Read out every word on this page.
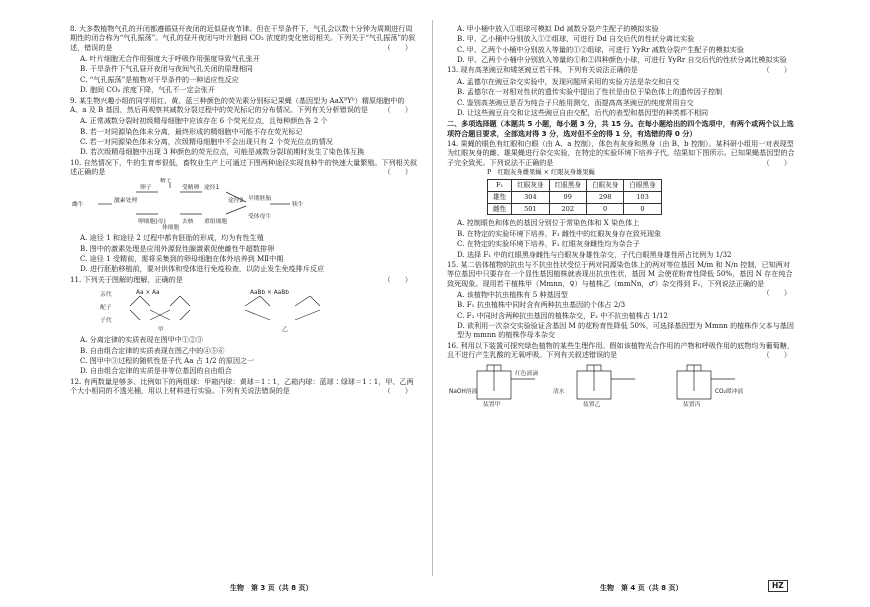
8. 大多数植物气孔的开闭都遵循昼开夜闭的近似昼夜节律。但在干旱条件下，气孔会以数十分钟为周期进行周期性的闭合称为“气孔振荡”。气孔的昼开夜闭与叶片胞间 CO₂ 浓度的变化密切相关。下列关于“气孔振荡”的叙述，错误的是	（　　）

A. 叶片细胞无合作用强度大于呼吸作用强度导致气孔张开

B. 干旱条件下气孔昼开夜闭与夜间气孔关闭的原理相同

C. “气孔振荡”是植物对干旱条件的一种适应性反应

D. 胞间 CO₂ 浓度下降，气孔不一定会张开

9. 某生物兴趣小组的同学用红、黄、蓝三种颜色的荧光素分别标记果蝇（基因型为 AaXᴮYᵇ）精原细胞中的 A、a 及 B 基因，然后再观察其减数分裂过程中的荧光标记的分布情况。下列有关分析错误的是 （　　）

A. 正常减数分裂时初级精母细胞中应该存在 6 个荧光位点，且每种颜色各 2 个

B. 若一对同源染色体未分离，最终形成的精细胞中可能不存在荧光标记

C. 若一对同源染色体未分离，次级精母细胞中不会出现只有 2 个荧光位点的情况

D. 若次级精母细胞中出现 3 种颜色的荧光位点，可能是减数分裂Ⅰ前期时发生了染色体互换

10. 自然情况下，牛的生育率很低，畜牧业生产上可通过下图两种途径实现良种牛的快速大量繁殖。下列相关叙述正确的是	（　　）

雌牛
激素处理
卵子
精子
卵细胞(母)
受精卵
去核
途径1
重组细胞
途径2 早期胚胎
受体母牛
犊牛
体细胞

A. 途径 1 和途径 2 过程中都有胚胎的形成，均为有性生殖

B. 图中的激素处理是应用外源促性腺激素促使雌性牛超数排卵

C. 途径 1 受精前，需将采集到的卵母细胞在体外培养到 MⅡ中期

D. 进行胚胎移植前，要对供体和受体进行免疫检查，以防止发生免疫排斥反应

11. 下列关于图解的理解，正确的是	（　　）

亲代
配子
子代
Aa × Aa	AaBb × AaBb
甲	乙

A. 分离定律的实质表现在图甲中①②③

B. 自由组合定律的实质表现在图乙中的④⑤⑥

C. 图甲中③过程的随机性是子代 Aa 占 1/2 的原因之一

D. 自由组合定律的实质是非等位基因的自由组合

12. 有两数量是够多、比例如下的两组球：甲箱内球：黄球＝1∶1，乙箱内球：蓝球∶绿球＝1∶1，甲、乙两个大小相同的不透光桶，用以上材料进行实验。下列有关说法错误的是	（　　）

A. 甲小桶中放入①组球可模拟 Dd 减数分裂产生配子的模拟实验

B. 甲、乙小桶中分别放入①②组球，可进行 Dd 自交后代的性状分离比实验

C. 甲、乙两个小桶中分别放入等量的①②组球，可进行 YyRr 减数分裂产生配子的模拟实验

D. 甲、乙两个小桶中分别放入等量的①和②四种颜色小球，可进行 YyRr 自交后代的性状分离比模拟实验

13. 现有高茎豌豆和矮茎豌豆若干株，下列有关说法正确的是	（　　）

A. 孟德尔在豌豆杂交实验中，发现问题所采用的实验方法是杂交和自交

B. 孟德尔在一对相对性状的遗传实验中提出了性状是由位于染色体上的遗传因子控制

C. 鉴别高茎豌豆是否为纯合子只能用测交，而提高高茎豌豆的纯度常用自交

D. 让这些豌豆自交和让这些豌豆自由交配，后代的表型和基因型的种类都不相同

二、多项选择题（本题共 5 小题，每小题 3 分，共 15 分。在每小题给出的四个选项中，有两个或两个以上选项符合题目要求，全部选对得 3 分，选对但不全的得 1 分，有选错的得 0 分）

14. 果蝇的眼色有红眼和白眼（由 A、a 控制），体色有灰身和黑身（由 B、b 控制）。某科研小组用一对表现型为红眼灰身的雌、雄果蝇进行杂交实验，在特定的实验环境下培养子代，结果如下图所示。已知果蝇基因型的合子完全致死。下列说法不正确的是	（　　）

P　红眼灰身雌果蝇 × 红眼灰身雄果蝇

F₁	红眼灰身	红眼黑身	白眼灰身	白眼黑身
雄性	304	99	298	103
雌性	501	202	0	0

A. 控制眼色和体色的基因分别位于常染色体和 X 染色体上

B. 在特定的实验环境下培养，F₁ 雌性中的红眼灰身存在致死现象

C. 在特定的实验环境下培养，F₁ 红眼灰身雌性均为杂合子

D. 选择 F₁ 中的红眼黑身雌性与白眼灰身雄性杂交，子代白眼黑身雄性所占比例为 1/32

15. 某二倍体植物的抗虫与不抗虫性状受位于两对同源染色体上的两对等位基因 M/m 和 N/n 控制，已知两对等位基因中只要存在一个显性基因植株就表现出抗虫性状，基因 M 会使花粉育性降低 50%，基因 N 存在纯合致死现象。现用若干植株甲（Mmnn，♀）与植株乙（mmNn，♂）杂交得到 F₁，下列说法正确的是
（　　）

A. 该植物中抗虫植株有 5 种基因型

B. F₁ 抗虫植株中同时含有两种抗虫基因的个体占 2/3

C. F₁ 中同时含两种抗虫基因的植株杂交，F₂ 中不抗虫植株占 1/12

D. 欲利用一次杂交实验验证含基因 M 的花粉育性降低 50%，可选择基因型为 Mmnn 的植株作父本与基因型为 mmnn 的植株作母本杂交

16. 利用以下装置可探究绿色植物的某些生理作用。假如该植物光合作用的产物和呼吸作用的底物均为葡萄糖，且不进行产生乳酸的无氧呼吸。下列有关叙述错误的是	（　　）

NaOH溶液	清水	CO₂缓冲液
红色液滴
装置甲	装置乙	装置丙
生物　第 3 页（共 8 页）	生物　第 4 页（共 8 页）	HZ
